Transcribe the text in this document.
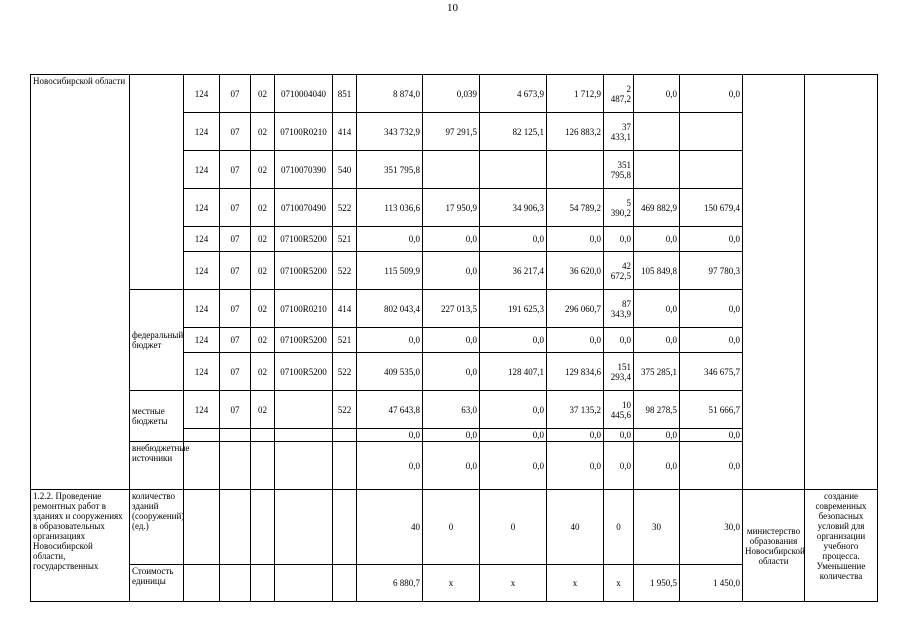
10
Новосибирской области		124	07	02	0710004040	851	8 874,0	0,039	4 673,9	1 712,9	2 487,2	0,0	0,0		
		124	07	02	07100R0210	414	343 732,9	97 291,5	82 125,1	126 883,2	37 433,1				
		124	07	02	0710070390	540	351 795,8				351 795,8				
		124	07	02	0710070490	522	113 036,6	17 950,9	34 906,3	54 789,2	5 390,2	469 882,9	150 679,4		
		124	07	02	07100R5200	521	0,0	0,0	0,0	0,0	0,0	0,0	0,0		
		124	07	02	07100R5200	522	115 509,9	0,0	36 217,4	36 620,0	42 672,5	105 849,8	97 780,3		
	федеральный бюджет	124	07	02	07100R0210	414	802 043,4	227 013,5	191 625,3	296 060,7	87 343,9	0,0	0,0		
		124	07	02	07100R5200	521	0,0	0,0	0,0	0,0	0,0	0,0	0,0		
		124	07	02	07100R5200	522	409 535,0	0,0	128 407,1	129 834,6	151 293,4	375 285,1	346 675,7		
	местные бюджеты	124	07	02		522	47 643,8	63,0	0,0	37 135,2	10 445,6	98 278,5	51 666,7		
							0,0	0,0	0,0	0,0	0,0	0,0	0,0		
	внебюджетные источники						0,0	0,0	0,0	0,0	0,0	0,0	0,0		
1.2.2. Проведение ремонтных работ в зданиях и сооружениях в образовательных организациях Новосибирской области, государственных	количество зданий (сооружений) (ед.)						40	0	0	40	0	30	30,0	министерство образования Новосибирской области	создание современных безопасных условий для организации учебного процесса. Уменьшение количества
	Стоимость единицы						6 880,7	x	x	x	x	1 950,5	1 450,0		
